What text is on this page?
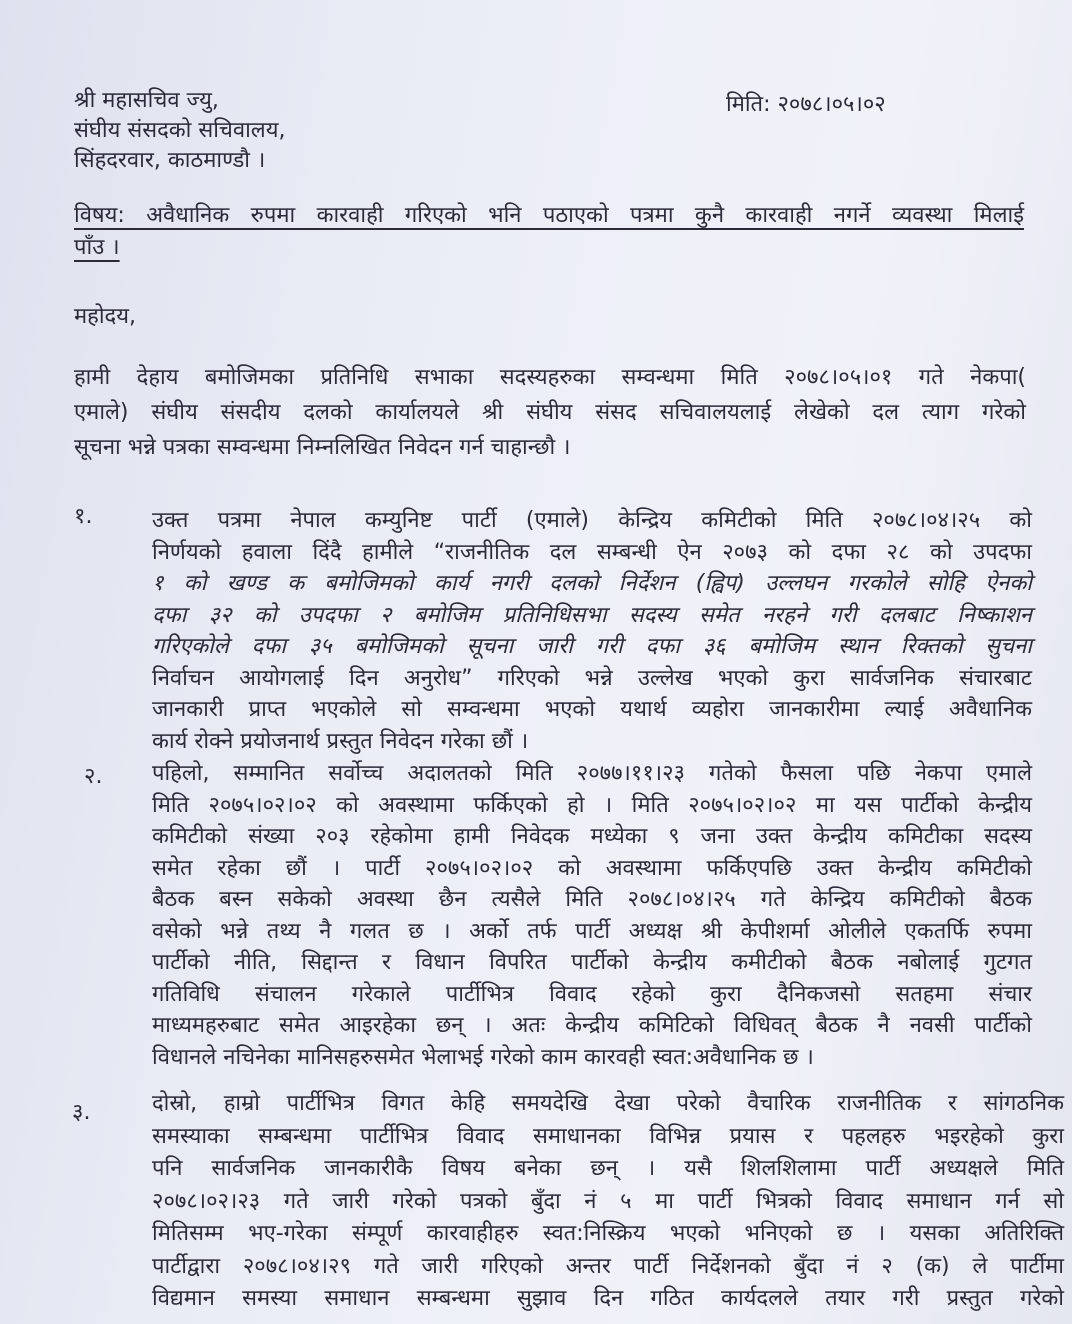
श्री महासचिव ज्यु,
संघीय संसदको सचिवालय,
सिंहदरवार, काठमाण्डौ ।
मिति: २०७८।०५।०२
विषय: अवैधानिक रुपमा कारवाही गरिएको भनि पठाएको पत्रमा कुनै कारवाही नगर्ने व्यवस्था मिलाई
पाँउ ।
महोदय,
हामी देहाय बमोजिमका प्रतिनिधि सभाका सदस्यहरुका सम्वन्धमा मिति २०७८।०५।०१ गते नेकपा(
एमाले) संघीय संसदीय दलको कार्यालयले श्री संघीय संसद सचिवालयलाई लेखेको दल त्याग गरेको
सूचना भन्ने पत्रका सम्वन्धमा निम्नलिखित निवेदन गर्न चाहान्छौ ।
१.	उक्त पत्रमा नेपाल कम्युनिष्ट पार्टी (एमाले) केन्द्रिय कमिटीको मिति २०७८।०४।२५ को
निर्णयको हवाला दिंदै हामीले “राजनीतिक दल सम्बन्धी ऐन २०७३ को दफा २८ को उपदफा
१ को खण्ड क बमोजिमको कार्य नगरी दलको निर्देशन (ह्विप) उल्लघन गरकोले सोहि ऐनको
दफा ३२ को उपदफा २ बमोजिम प्रतिनिधिसभा सदस्य समेत नरहने गरी दलबाट निष्काशन
गरिएकोले दफा ३५ बमोजिमको सूचना जारी गरी दफा ३६ बमोजिम स्थान रिक्तको सुचना
निर्वाचन आयोगलाई दिन अनुरोध” गरिएको भन्ने उल्लेख भएको कुरा सार्वजनिक संचारबाट
जानकारी प्राप्त भएकोले सो सम्वन्धमा भएको यथार्थ व्यहोरा जानकारीमा ल्याई अवैधानिक
कार्य रोक्ने प्रयोजनार्थ प्रस्तुत निवेदन गरेका छौं ।
२. पहिलो, सम्मानित सर्वोच्च अदालतको मिति २०७७।११।२३ गतेको फैसला पछि नेकपा एमाले
मिति २०७५।०२।०२ को अवस्थामा फर्किएको हो । मिति २०७५।०२।०२ मा यस पार्टीको केन्द्रीय
कमिटीको संख्या २०३ रहेकोमा हामी निवेदक मध्येका ९ जना उक्त केन्द्रीय कमिटीका सदस्य
समेत रहेका छौं । पार्टी २०७५।०२।०२ को अवस्थामा फर्किएपछि उक्त केन्द्रीय कमिटीको
बैठक बस्न सकेको अवस्था छैन त्यसैले मिति २०७८।०४।२५ गते केन्द्रिय कमिटीको बैठक
वसेको भन्ने तथ्य नै गलत छ । अर्को तर्फ पार्टी अध्यक्ष श्री केपीशर्मा ओलीले एकतर्फि रुपमा
पार्टीको नीति, सिद्दान्त र विधान विपरित पार्टीको केन्द्रीय कमीटीको बैठक नबोलाई गुटगत
गतिविधि संचालन गरेकाले पार्टीभित्र विवाद रहेको कुरा दैनिकजसो सतहमा संचार
माध्यमहरुबाट समेत आइरहेका छन् । अतः केन्द्रीय कमिटिको विधिवत् बैठक नै नवसी पार्टीको
विधानले नचिनेका मानिसहरुसमेत भेलाभई गरेको काम कारवही स्वत:अवैधानिक छ ।
३.	दोस्रो, हाम्रो पार्टीभित्र विगत केहि समयदेखि देखा परेको वैचारिक राजनीतिक र सांगठनिक
समस्याका सम्बन्धमा पार्टीभित्र विवाद समाधानका विभिन्न प्रयास र पहलहरु भइरहेको कुरा
पनि सार्वजनिक जानकारीकै विषय बनेका छन् । यसै शिलशिलामा पार्टी अध्यक्षले मिति
२०७८।०२।२३ गते जारी गरेको पत्रको बुँदा नं ५ मा पार्टी भित्रको विवाद समाधान गर्न सो
मितिसम्म भए-गरेका संम्पूर्ण कारवाहीहरु स्वत:निस्क्रिय भएको भनिएको छ । यसका अतिरिक्ति
पार्टीद्वारा २०७८।०४।२९ गते जारी गरिएको अन्तर पार्टी निर्देशनको बुँदा नं २ (क) ले पार्टीमा
विद्यमान समस्या समाधान सम्बन्धमा सुझाव दिन गठित कार्यदलले तयार गरी प्रस्तुत गरेको
